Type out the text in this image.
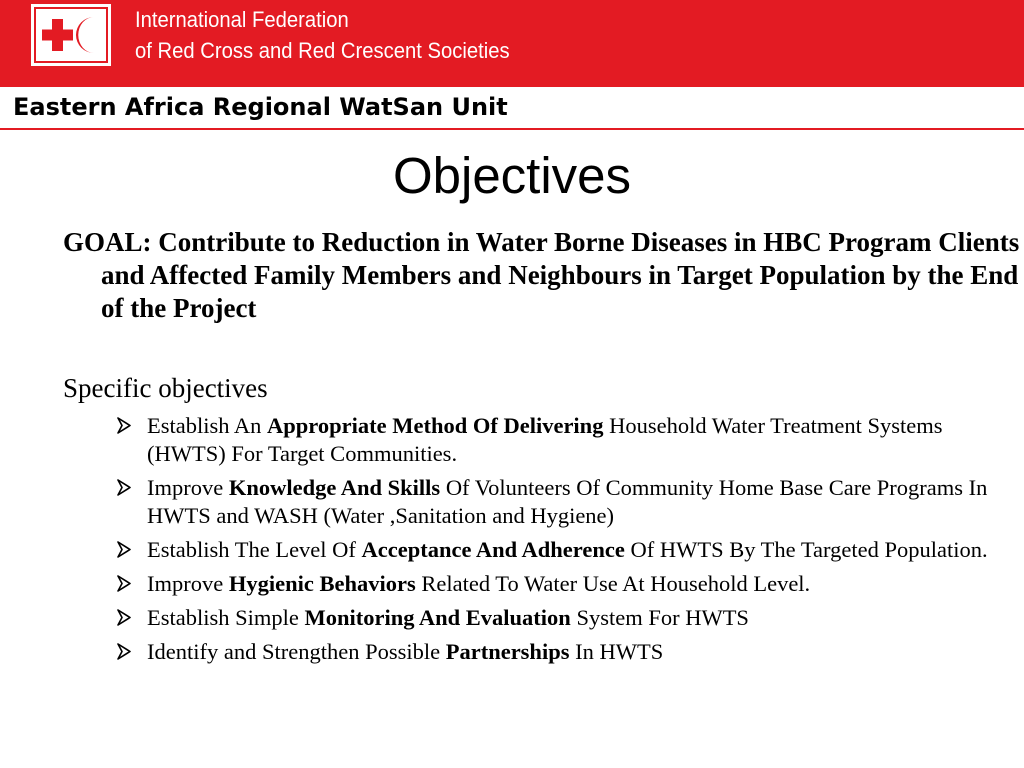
International Federation
of Red Cross and Red Crescent Societies
Eastern Africa Regional WatSan Unit
Objectives
GOAL: Contribute to Reduction in Water Borne Diseases in HBC Program Clients and Affected Family Members and Neighbours in Target Population by the End of the Project
Specific objectives
Establish An Appropriate Method Of Delivering Household Water Treatment Systems (HWTS) For Target Communities.
Improve Knowledge And Skills Of Volunteers Of Community Home Base Care Programs In HWTS and WASH (Water ,Sanitation and Hygiene)
Establish The Level Of Acceptance And Adherence Of HWTS By The Targeted Population.
Improve Hygienic Behaviors Related To Water Use At Household Level.
Establish Simple Monitoring And Evaluation System For HWTS
Identify and Strengthen Possible Partnerships In HWTS
